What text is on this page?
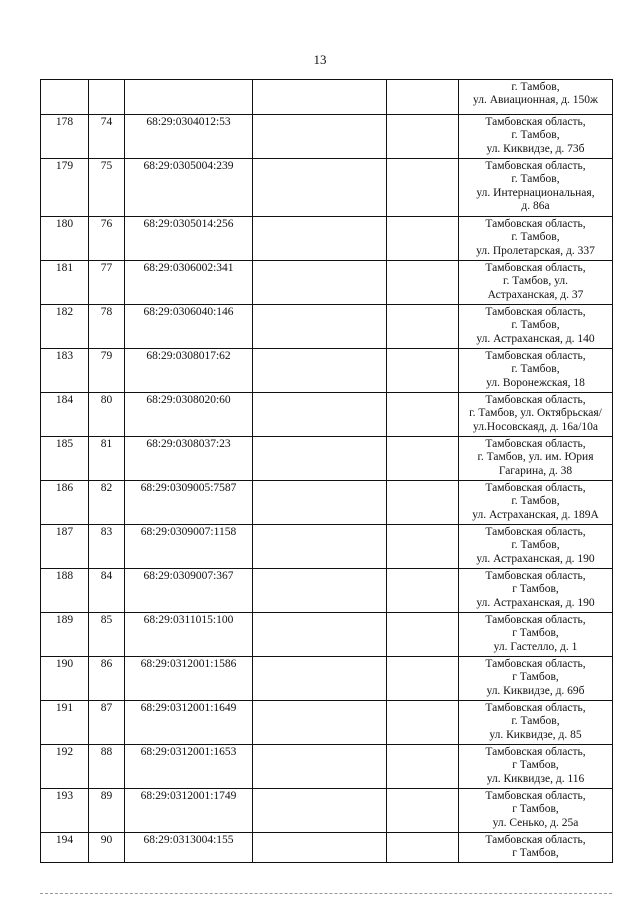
13

					г. Тамбов,
ул. Авиационная, д. 150ж

178	74	68:29:0304012:53			Тамбовская область,
г. Тамбов,
ул. Киквидзе, д. 73б

179	75	68:29:0305004:239			Тамбовская область,
г. Тамбов,
ул. Интернациональная,
д. 86а

180	76	68:29:0305014:256			Тамбовская область,
г. Тамбов,
ул. Пролетарская, д. 337

181	77	68:29:0306002:341			Тамбовская область,
г. Тамбов, ул.
Астраханская, д. 37

182	78	68:29:0306040:146			Тамбовская область,
г. Тамбов,
ул. Астраханская, д. 140

183	79	68:29:0308017:62			Тамбовская область,
г. Тамбов,
ул. Воронежская, 18

184	80	68:29:0308020:60			Тамбовская область,
г. Тамбов, ул. Октябрьская/
ул.Носовскаяд, д. 16а/10а

185	81	68:29:0308037:23			Тамбовская область,
г. Тамбов, ул. им. Юрия
Гагарина, д. 38

186	82	68:29:0309005:7587			Тамбовская область,
г. Тамбов,
ул. Астраханская, д. 189А

187	83	68:29:0309007:1158			Тамбовская область,
г. Тамбов,
ул. Астраханская, д. 190

188	84	68:29:0309007:367			Тамбовская область,
г Тамбов,
ул. Астраханская, д. 190

189	85	68:29:0311015:100			Тамбовская область,
г Тамбов,
ул. Гастелло, д. 1

190	86	68:29:0312001:1586			Тамбовская область,
г Тамбов,
ул. Киквидзе, д. 69б

191	87	68:29:0312001:1649			Тамбовская область,
г. Тамбов,
ул. Киквидзе, д. 85

192	88	68:29:0312001:1653			Тамбовская область,
г Тамбов,
ул. Киквидзе, д. 116

193	89	68:29:0312001:1749			Тамбовская область,
г Тамбов,
ул. Сенько, д. 25а

194	90	68:29:0313004:155			Тамбовская область,
г Тамбов,
